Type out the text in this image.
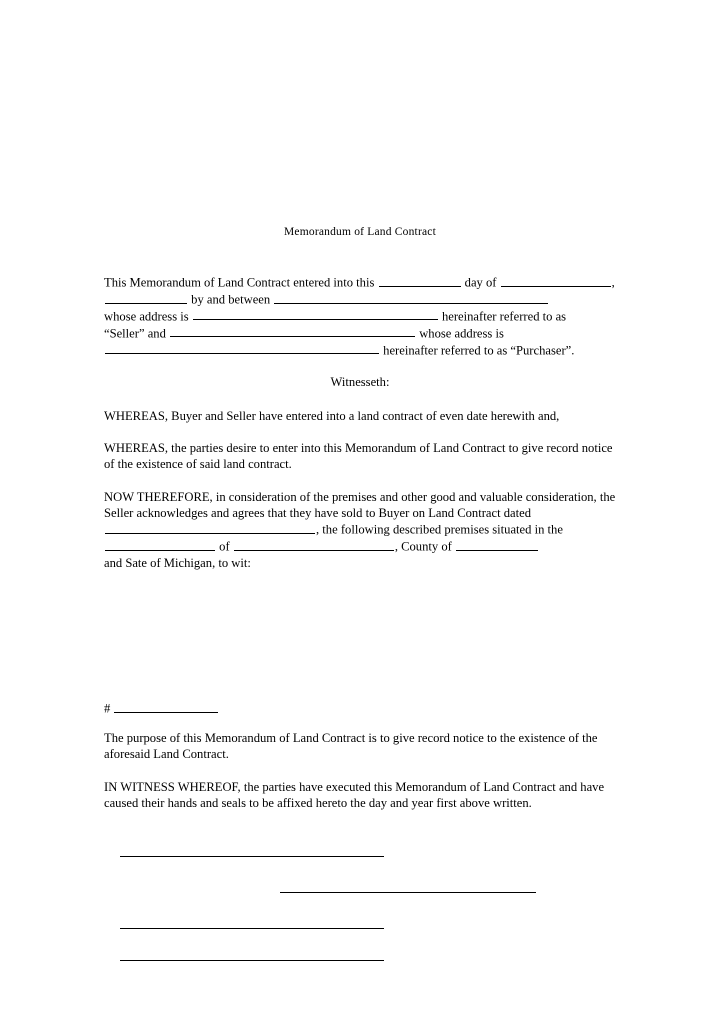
Memorandum of Land Contract

This Memorandum of Land Contract entered into this	day of	,
by and between
whose address is	hereinafter referred to as
“Seller” and	whose address is
hereinafter referred to as “Purchaser”.

Witnesseth:

WHEREAS, Buyer and Seller have entered into a land contract of even date herewith and,

WHEREAS, the parties desire to enter into this Memorandum of Land Contract to give record notice of the existence of said land contract.

NOW THEREFORE, in consideration of the premises and other good and valuable consideration, the Seller acknowledges and agrees that they have sold to Buyer on Land Contract dated , the following described premises situated in the  of	, County of
and Sate of Michigan, to wit:

#

The purpose of this Memorandum of Land Contract is to give record notice to the existence of the aforesaid Land Contract.

IN WITNESS WHEREOF, the parties have executed this Memorandum of Land Contract and have caused their hands and seals to be affixed hereto the day and year first above written.
